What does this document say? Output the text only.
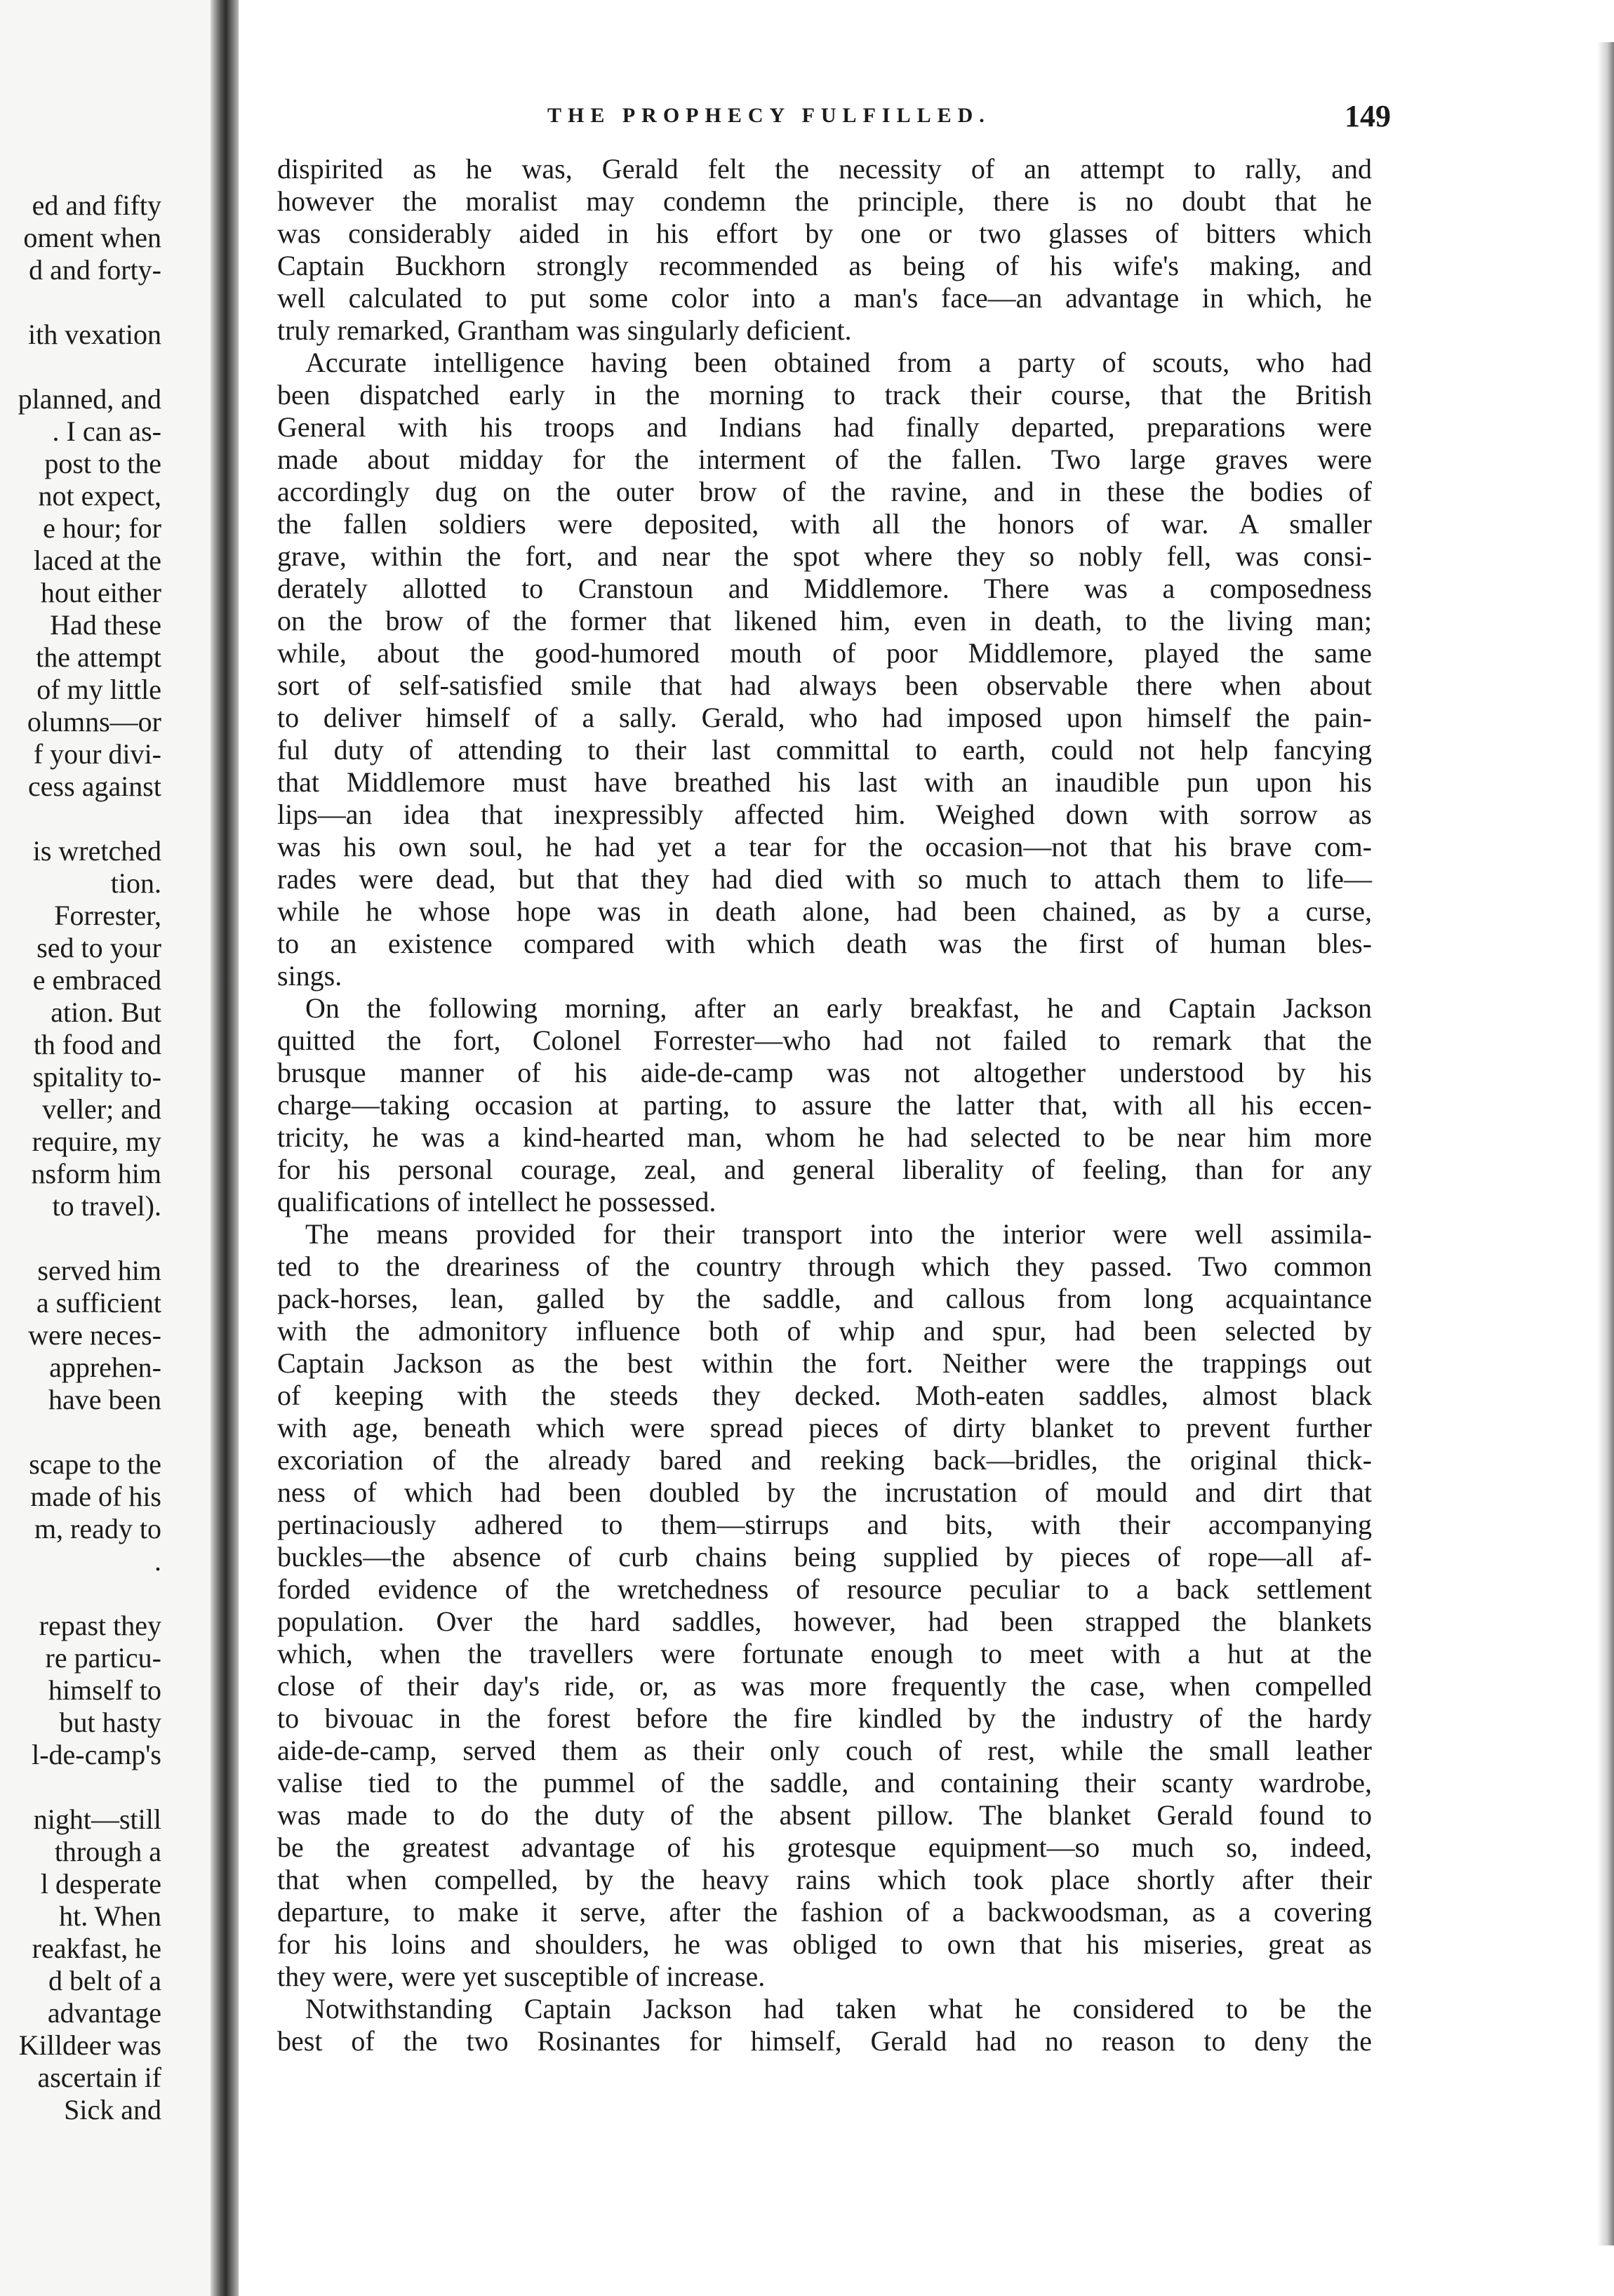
ed and fifty
oment when
d and forty-
ith vexation
planned, and
. I can as-
post to the
not expect,
e hour; for
laced at the
hout either
Had these
the attempt
of my little
olumns—or
f your divi-
cess against
is wretched
tion.
Forrester,
sed to your
e embraced
ation. But
th food and
spitality to-
veller; and
require, my
nsform him
to travel).
served him
a sufficient
were neces-
apprehen-
have been
scape to the
made of his
m, ready to
.
repast they
re particu-
himself to
but hasty
l-de-camp's
night—still
through a
l desperate
ht. When
reakfast, he
d belt of a
advantage
Killdeer was
ascertain if
Sick and
THE PROPHECY FULFILLED.	149
dispirited as he was, Gerald felt the necessity of an attempt to rally, and
however the moralist may condemn the principle, there is no doubt that he
was considerably aided in his effort by one or two glasses of bitters which
Captain Buckhorn strongly recommended as being of his wife's making, and
well calculated to put some color into a man's face—an advantage in which, he
truly remarked, Grantham was singularly deficient.
Accurate intelligence having been obtained from a party of scouts, who had
been dispatched early in the morning to track their course, that the British
General with his troops and Indians had finally departed, preparations were
made about midday for the interment of the fallen. Two large graves were
accordingly dug on the outer brow of the ravine, and in these the bodies of
the fallen soldiers were deposited, with all the honors of war. A smaller
grave, within the fort, and near the spot where they so nobly fell, was consi-
derately allotted to Cranstoun and Middlemore. There was a composedness
on the brow of the former that likened him, even in death, to the living man;
while, about the good-humored mouth of poor Middlemore, played the same
sort of self-satisfied smile that had always been observable there when about
to deliver himself of a sally. Gerald, who had imposed upon himself the pain-
ful duty of attending to their last committal to earth, could not help fancying
that Middlemore must have breathed his last with an inaudible pun upon his
lips—an idea that inexpressibly affected him. Weighed down with sorrow as
was his own soul, he had yet a tear for the occasion—not that his brave com-
rades were dead, but that they had died with so much to attach them to life—
while he whose hope was in death alone, had been chained, as by a curse,
to an existence compared with which death was the first of human bles-
sings.
On the following morning, after an early breakfast, he and Captain Jackson
quitted the fort, Colonel Forrester—who had not failed to remark that the
brusque manner of his aide-de-camp was not altogether understood by his
charge—taking occasion at parting, to assure the latter that, with all his eccen-
tricity, he was a kind-hearted man, whom he had selected to be near him more
for his personal courage, zeal, and general liberality of feeling, than for any
qualifications of intellect he possessed.
The means provided for their transport into the interior were well assimila-
ted to the dreariness of the country through which they passed. Two common
pack-horses, lean, galled by the saddle, and callous from long acquaintance
with the admonitory influence both of whip and spur, had been selected by
Captain Jackson as the best within the fort. Neither were the trappings out
of keeping with the steeds they decked. Moth-eaten saddles, almost black
with age, beneath which were spread pieces of dirty blanket to prevent further
excoriation of the already bared and reeking back—bridles, the original thick-
ness of which had been doubled by the incrustation of mould and dirt that
pertinaciously adhered to them—stirrups and bits, with their accompanying
buckles—the absence of curb chains being supplied by pieces of rope—all af-
forded evidence of the wretchedness of resource peculiar to a back settlement
population. Over the hard saddles, however, had been strapped the blankets
which, when the travellers were fortunate enough to meet with a hut at the
close of their day's ride, or, as was more frequently the case, when compelled
to bivouac in the forest before the fire kindled by the industry of the hardy
aide-de-camp, served them as their only couch of rest, while the small leather
valise tied to the pummel of the saddle, and containing their scanty wardrobe,
was made to do the duty of the absent pillow. The blanket Gerald found to
be the greatest advantage of his grotesque equipment—so much so, indeed,
that when compelled, by the heavy rains which took place shortly after their
departure, to make it serve, after the fashion of a backwoodsman, as a covering
for his loins and shoulders, he was obliged to own that his miseries, great as
they were, were yet susceptible of increase.
Notwithstanding Captain Jackson had taken what he considered to be the
best of the two Rosinantes for himself, Gerald had no reason to deny the
